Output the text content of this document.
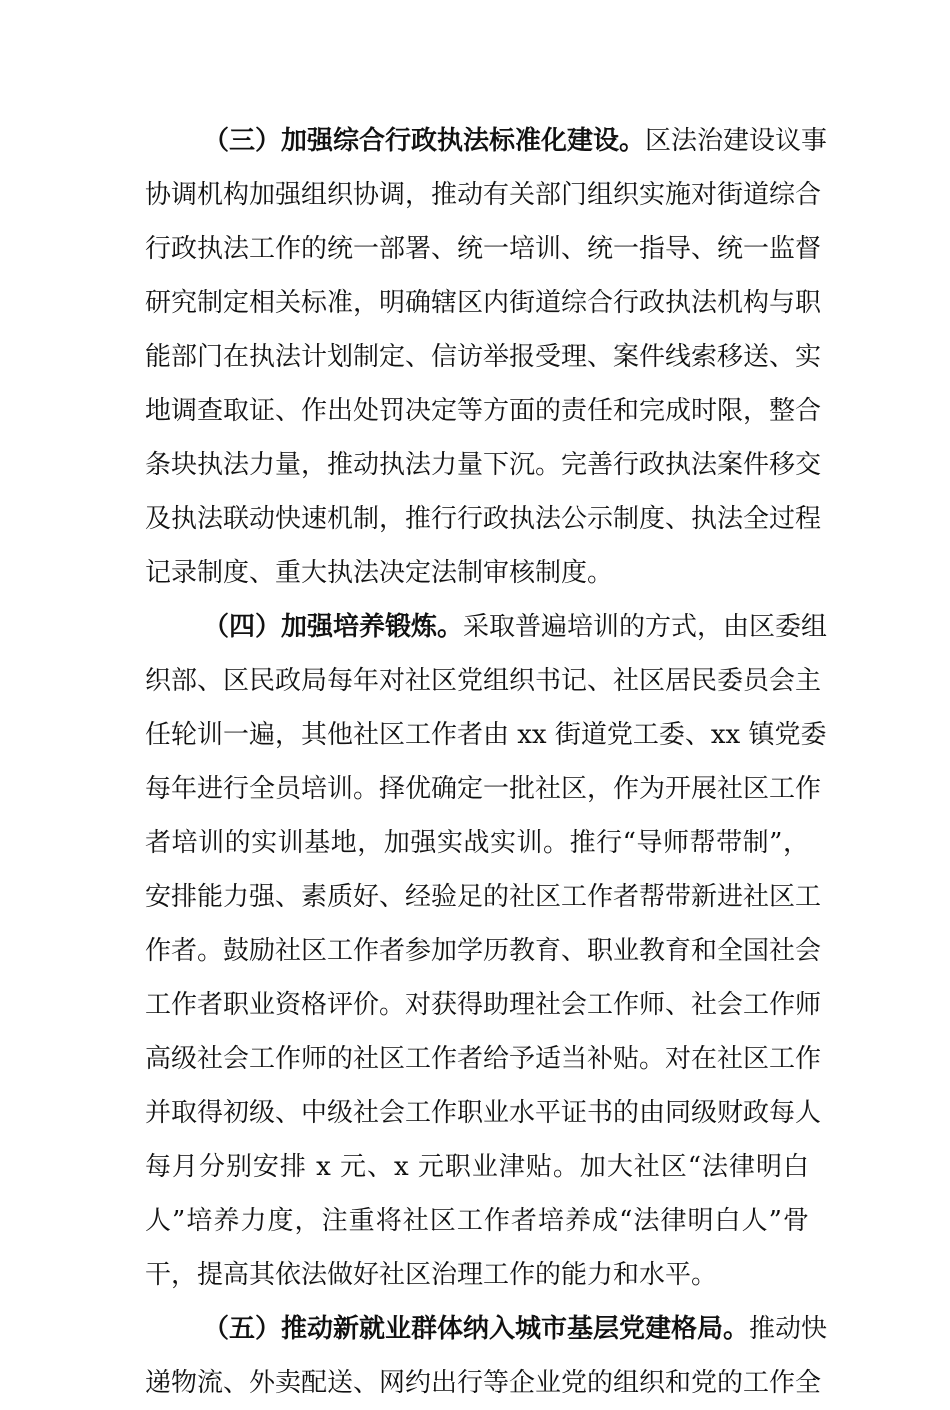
（三）加强综合行政执法标准化建设。区法治建设议事
协调机构加强组织协调，推动有关部门组织实施对街道综合
行政执法工作的统一部署、统一培训、统一指导、统一监督
研究制定相关标准，明确辖区内街道综合行政执法机构与职
能部门在执法计划制定、信访举报受理、案件线索移送、实
地调查取证、作出处罚决定等方面的责任和完成时限，整合
条块执法力量，推动执法力量下沉。完善行政执法案件移交
及执法联动快速机制，推行行政执法公示制度、执法全过程
记录制度、重大执法决定法制审核制度。
（四）加强培养锻炼。采取普遍培训的方式，由区委组
织部、区民政局每年对社区党组织书记、社区居民委员会主
任轮训一遍，其他社区工作者由 xx 街道党工委、xx 镇党委
每年进行全员培训。择优确定一批社区，作为开展社区工作
者培训的实训基地，加强实战实训。推行“导师帮带制”，
安排能力强、素质好、经验足的社区工作者帮带新进社区工
作者。鼓励社区工作者参加学历教育、职业教育和全国社会
工作者职业资格评价。对获得助理社会工作师、社会工作师
高级社会工作师的社区工作者给予适当补贴。对在社区工作
并取得初级、中级社会工作职业水平证书的由同级财政每人
每月分别安排 x 元、x 元职业津贴。加大社区“法律明白
人”培养力度，注重将社区工作者培养成“法律明白人”骨
干，提高其依法做好社区治理工作的能力和水平。
（五）推动新就业群体纳入城市基层党建格局。推动快
递物流、外卖配送、网约出行等企业党的组织和党的工作全
